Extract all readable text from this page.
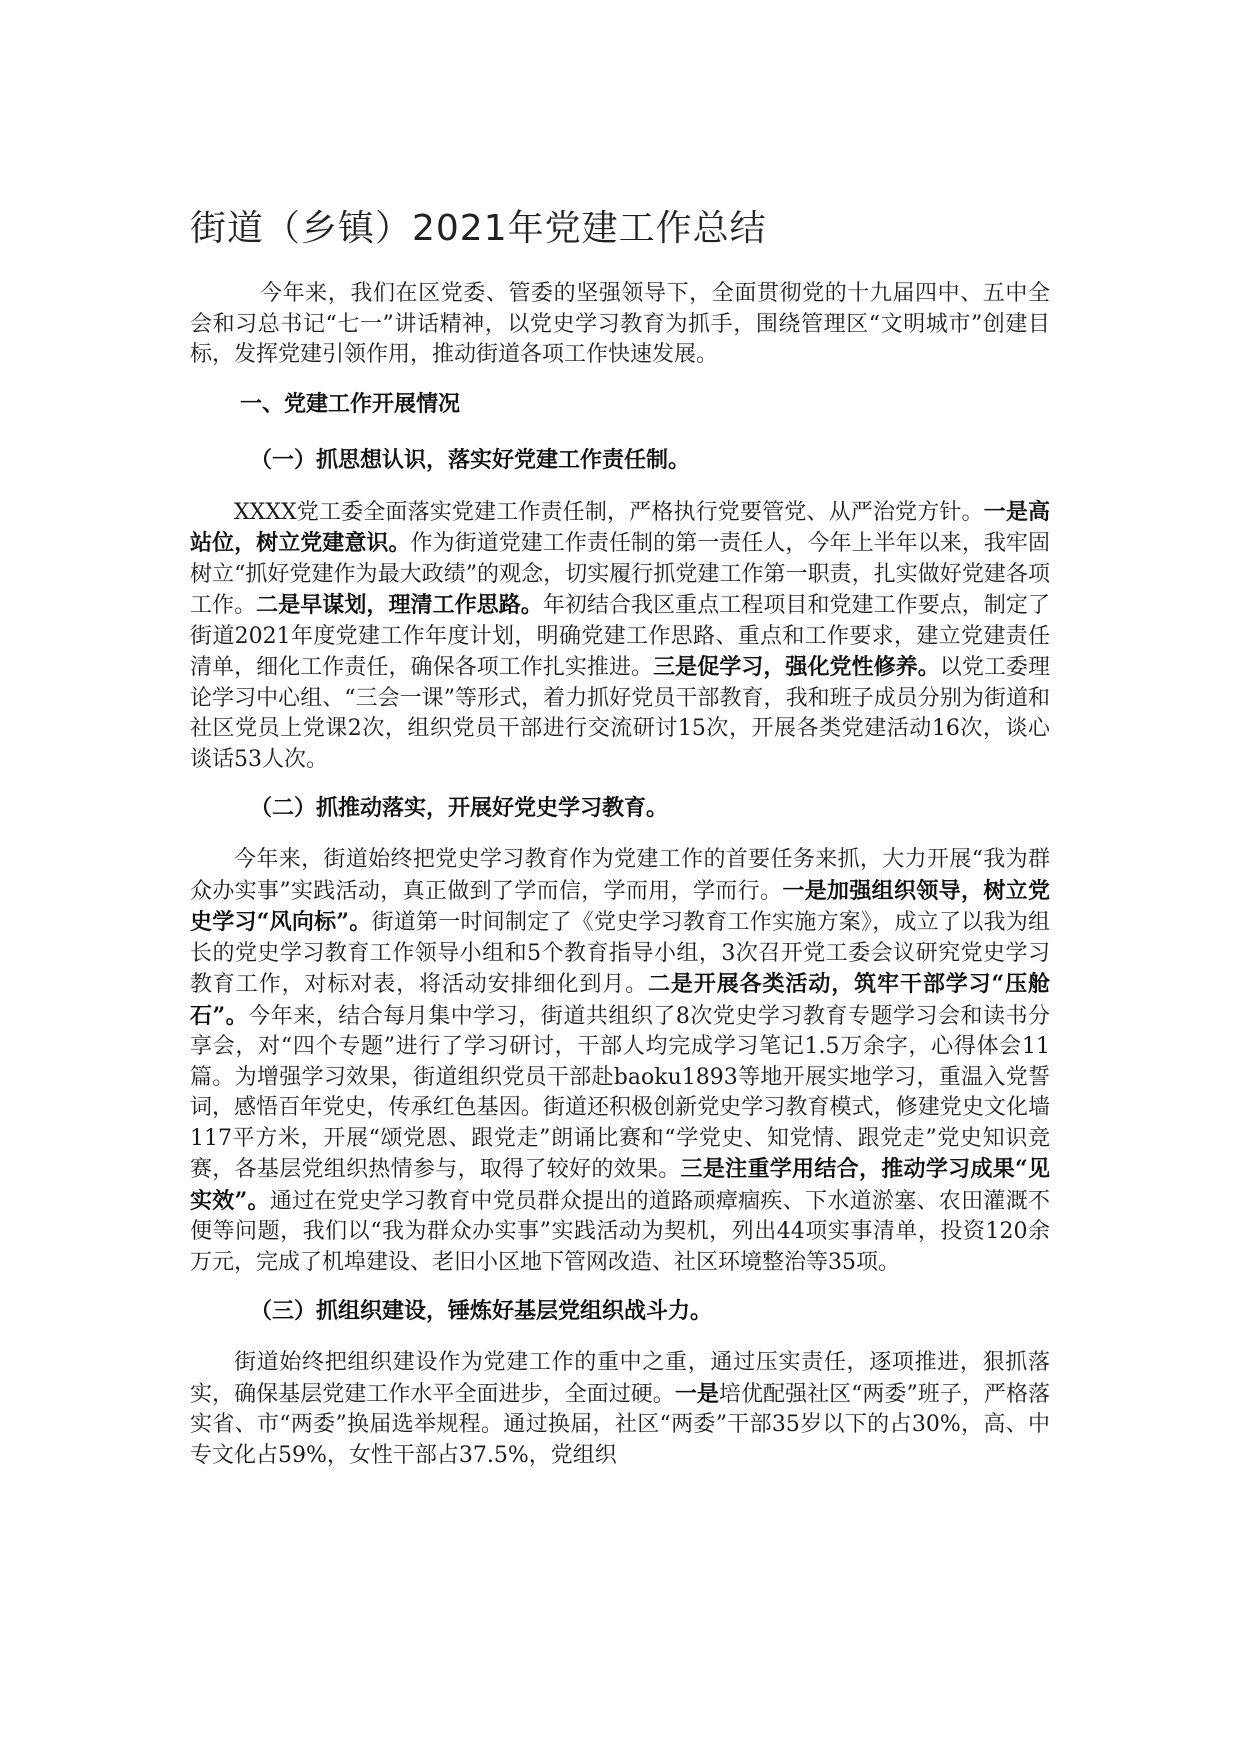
街道（乡镇）2021年党建工作总结

今年来，我们在区党委、管委的坚强领导下，全面贯彻党的十九届四中、五中全会和习总书记“七一”讲话精神，以党史学习教育为抓手，围绕管理区“文明城市”创建目标，发挥党建引领作用，推动街道各项工作快速发展。

一、党建工作开展情况
（一）抓思想认识，落实好党建工作责任制。

XXXX党工委全面落实党建工作责任制，严格执行党要管党、从严治党方针。一是高站位，树立党建意识。作为街道党建工作责任制的第一责任人，今年上半年以来，我牢固树立“抓好党建作为最大政绩”的观念，切实履行抓党建工作第一职责，扎实做好党建各项工作。二是早谋划，理清工作思路。年初结合我区重点工程项目和党建工作要点，制定了街道2021年度党建工作年度计划，明确党建工作思路、重点和工作要求，建立党建责任清单，细化工作责任，确保各项工作扎实推进。三是促学习，强化党性修养。以党工委理论学习中心组、“三会一课”等形式，着力抓好党员干部教育，我和班子成员分别为街道和社区党员上党课2次，组织党员干部进行交流研讨15次，开展各类党建活动16次，谈心谈话53人次。

（二）抓推动落实，开展好党史学习教育。

今年来，街道始终把党史学习教育作为党建工作的首要任务来抓，大力开展“我为群众办实事”实践活动，真正做到了学而信，学而用，学而行。一是加强组织领导，树立党史学习“风向标”。街道第一时间制定了《党史学习教育工作实施方案》，成立了以我为组长的党史学习教育工作领导小组和5个教育指导小组，3次召开党工委会议研究党史学习教育工作，对标对表，将活动安排细化到月。二是开展各类活动，筑牢干部学习“压舱石”。今年来，结合每月集中学习，街道共组织了8次党史学习教育专题学习会和读书分享会，对“四个专题”进行了学习研讨，干部人均完成学习笔记1.5万余字，心得体会11篇。为增强学习效果，街道组织党员干部赴baoku1893等地开展实地学习，重温入党誓词，感悟百年党史，传承红色基因。街道还积极创新党史学习教育模式，修建党史文化墙117平方米，开展“颂党恩、跟党走”朗诵比赛和“学党史、知党情、跟党走”党史知识竞赛，各基层党组织热情参与，取得了较好的效果。三是注重学用结合，推动学习成果“见实效”。通过在党史学习教育中党员群众提出的道路顽瘴痼疾、下水道淤塞、农田灌溉不便等问题，我们以“我为群众办实事”实践活动为契机，列出44项实事清单，投资120余万元，完成了机埠建设、老旧小区地下管网改造、社区环境整治等35项。

（三）抓组织建设，锤炼好基层党组织战斗力。

街道始终把组织建设作为党建工作的重中之重，通过压实责任，逐项推进，狠抓落实，确保基层党建工作水平全面进步，全面过硬。一是培优配强社区“两委”班子，严格落实省、市“两委”换届选举规程。通过换届，社区“两委”干部35岁以下的占30%，高、中专文化占59%，女性干部占37.5%，党组织
